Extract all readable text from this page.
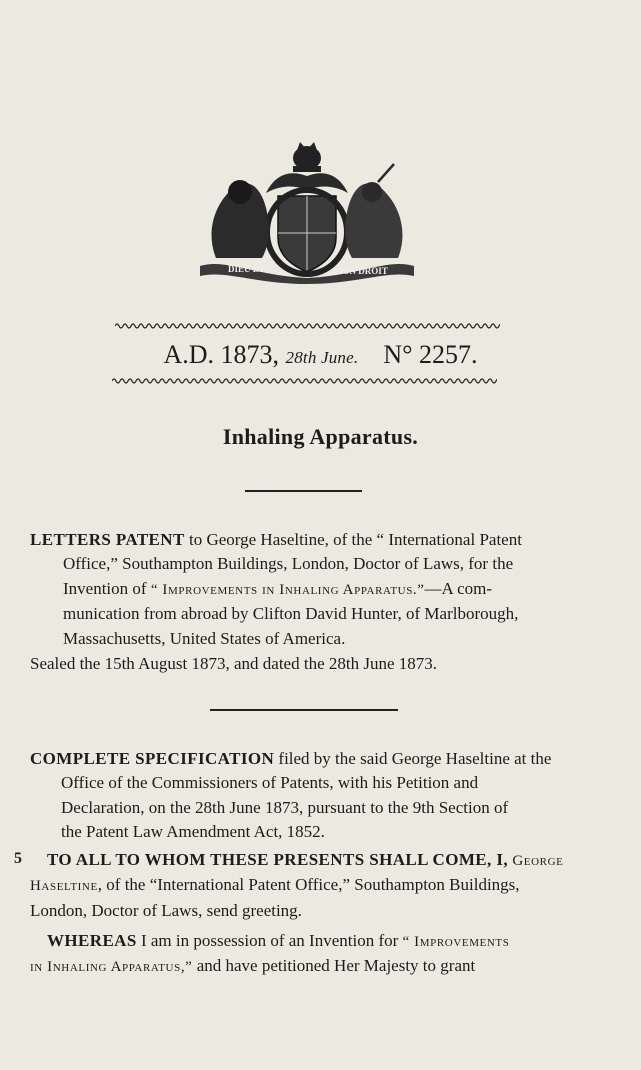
DIEU ET	MON DROIT
A.D. 1873, 28th June. N° 2257.
Inhaling Apparatus.

LETTERS PATENT to George Haseltine, of the “ International Patent
Office,” Southampton Buildings, London, Doctor of Laws, for the
Invention of “ Improvements in Inhaling Apparatus.”—A com-
munication from abroad by Clifton David Hunter, of Marlborough,
Massachusetts, United States of America.

Sealed the 15th August 1873, and dated the 28th June 1873.

COMPLETE SPECIFICATION filed by the said George Haseltine at the
Office of the Commissioners of Patents, with his Petition and
Declaration, on the 28th June 1873, pursuant to the 9th Section of
the Patent Law Amendment Act, 1852.

5	TO ALL TO WHOM THESE PRESENTS SHALL COME, I, George
Haseltine, of the “International Patent Office,” Southampton Buildings,
London, Doctor of Laws, send greeting.

WHEREAS I am in possession of an Invention for “ Improvements
in Inhaling Apparatus,” and have petitioned Her Majesty to grant
